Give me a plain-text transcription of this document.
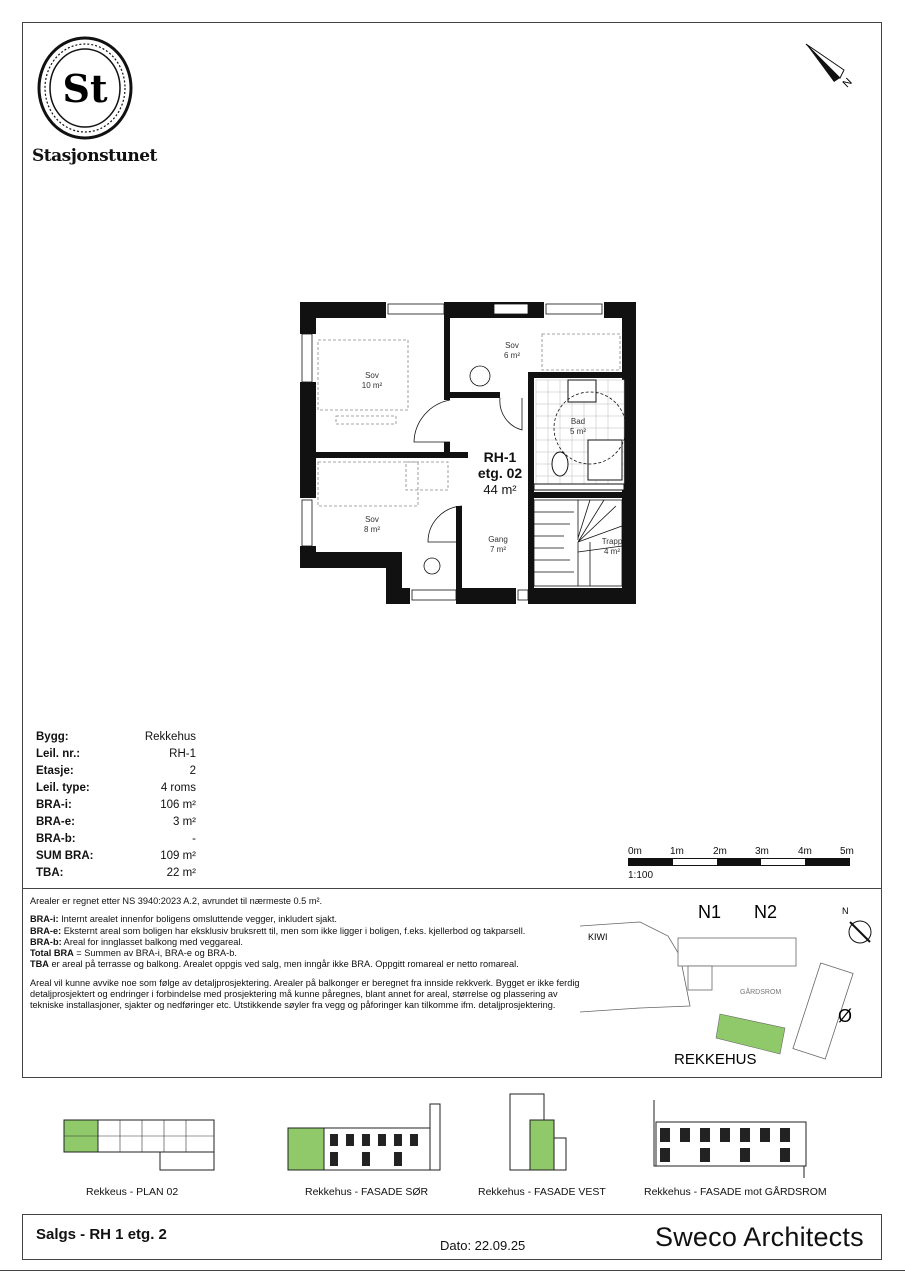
St
Stasjonstunet
N
Sov
10 m²
Sov
6 m²
Bad
5 m²
Sov
8 m²
Gang
7 m²
Trapp
4 m²
RH-1
etg. 02
44 m²
Bygg:	Rekkehus
Leil. nr.:	RH-1
Etasje:	2
Leil. type:	4 roms
BRA-i:	106 m²
BRA-e:	3 m²
BRA-b:	-
SUM BRA:	109 m²
TBA:	22 m²
0m	1m	2m	3m	4m	5m
1:100

Arealer er regnet etter NS 3940:2023 A.2, avrundet til nærmeste 0.5 m².

BRA-i: Internt arealet innenfor boligens omsluttende vegger, inkludert sjakt.
BRA-e: Eksternt areal som boligen har eksklusiv bruksrett til, men som ikke ligger i boligen, f.eks. kjellerbod og takparsell.
BRA-b: Areal for innglasset balkong med veggareal.
Total BRA = Summen av BRA-i, BRA-e og BRA-b.
TBA er areal på terrasse og balkong. Arealet oppgis ved salg, men inngår ikke BRA. Oppgitt romareal er netto romareal.

Areal vil kunne avvike noe som følge av detaljprosjektering. Arealer på balkonger er beregnet fra innside rekkverk. Bygget er ikke ferdig detaljprosjektert og endringer i forbindelse med prosjektering må kunne påregnes, blant annet for areal, størrelse og plassering av tekniske installasjoner, sjakter og nedføringer etc. Utstikkende søyler fra vegg og påforinger kan tilkomme ifm. detaljprosjektering.

N1 N2
KIWI
GÅRDSROM
Ø
REKKEHUS
N
Rekkeus - PLAN 02	Rekkehus - FASADE SØR	Rekkehus - FASADE VEST	Rekkehus - FASADE mot GÅRDSROM
Salgs - RH 1 etg. 2
Dato: 22.09.25	Sweco Architects
